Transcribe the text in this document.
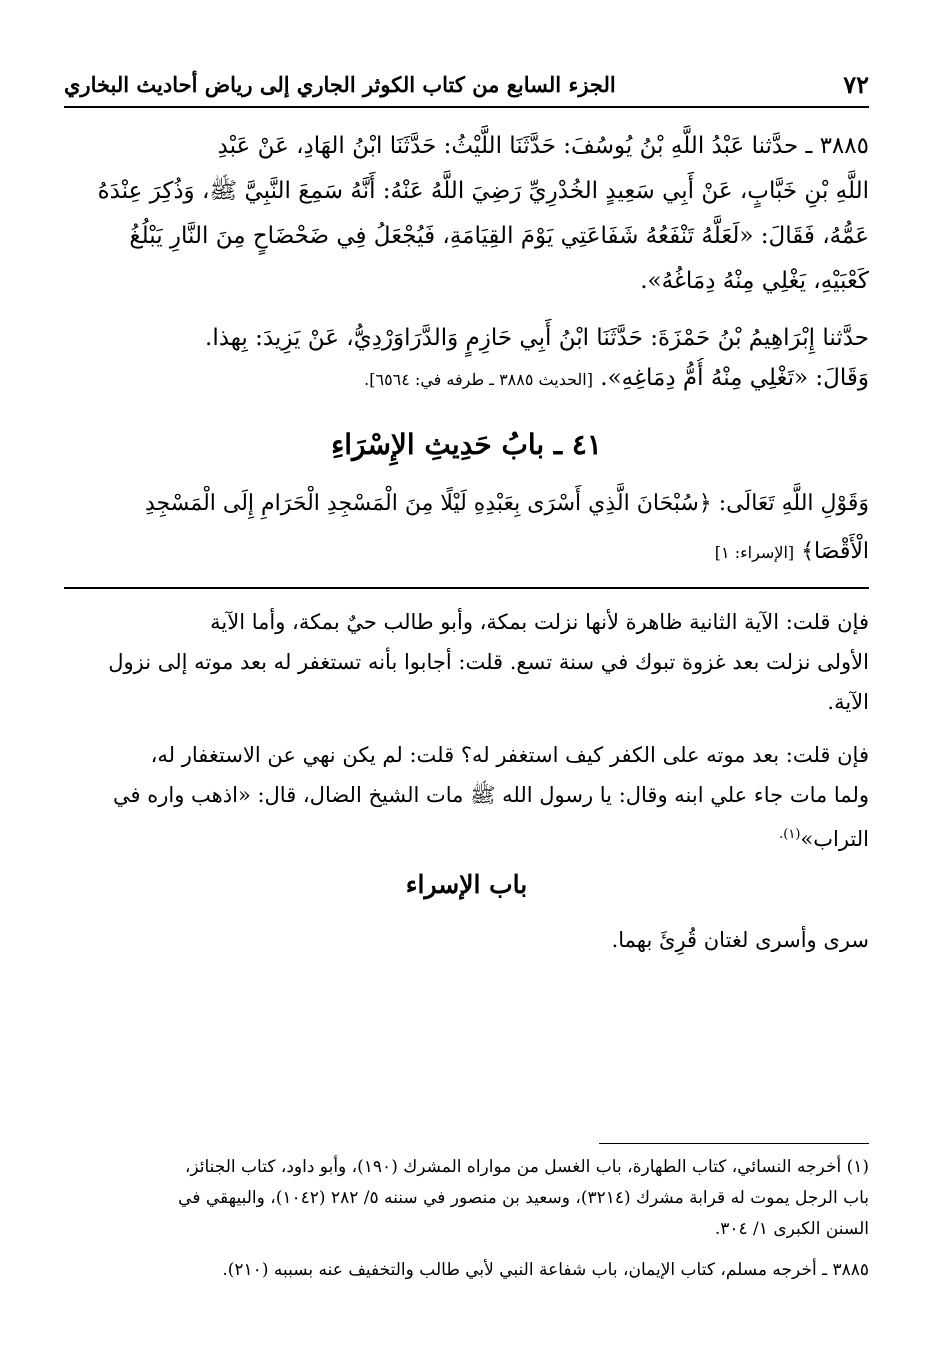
٧٢
الجزء السابع من كتاب الكوثر الجاري إلى رياض أحاديث البخاري
٣٨٨٥ ـ حدَّثنا عَبْدُ اللَّهِ بْنُ يُوسُفَ: حَدَّثَنَا اللَّيْثُ: حَدَّثَنَا ابْنُ الهَادِ، عَنْ عَبْدِ
اللَّهِ بْنِ خَبَّابٍ، عَنْ أَبِي سَعِيدٍ الخُدْرِيِّ رَضِيَ اللَّهُ عَنْهُ: أَنَّهُ سَمِعَ النَّبِيَّ ﷺ، وَذُكِرَ عِنْدَهُ
عَمُّهُ، فَقَالَ: «لَعَلَّهُ تَنْفَعُهُ شَفَاعَتِي يَوْمَ القِيَامَةِ، فَيُجْعَلُ فِي ضَحْضَاحٍ مِنَ النَّارِ يَبْلُغُ
كَعْبَيْهِ، يَغْلِي مِنْهُ دِمَاغُهُ».
حدَّثنا إِبْرَاهِيمُ بْنُ حَمْزَةَ: حَدَّثَنَا ابْنُ أَبِي حَازِمٍ وَالدَّرَاوَرْدِيُّ، عَنْ يَزِيدَ: بِهذا.
وَقَالَ: «تَغْلِي مِنْهُ أُمُّ دِمَاغِهِ». [الحديث ٣٨٨٥ ـ طرفه في: ٦٥٦٤].
٤١ ـ بابُ حَدِيثِ الإِسْرَاءِ
وَقَوْلِ اللَّهِ تَعَالَى: ﴿سُبْحَانَ الَّذِي أَسْرَى بِعَبْدِهِ لَيْلًا مِنَ الْمَسْجِدِ الْحَرَامِ إِلَى الْمَسْجِدِ
الْأَقْصَا﴾ [الإسراء: ١]
فإن قلت: الآية الثانية ظاهرة لأنها نزلت بمكة، وأبو طالب حيٌ بمكة، وأما الآية
الأولى نزلت بعد غزوة تبوك في سنة تسع. قلت: أجابوا بأنه تستغفر له بعد موته إلى نزول
الآية.
فإن قلت: بعد موته على الكفر كيف استغفر له؟ قلت: لم يكن نهي عن الاستغفار له،
ولما مات جاء علي ابنه وقال: يا رسول الله ﷺ مات الشيخ الضال، قال: «اذهب واره في
التراب»$^{(١).}$
باب الإسراء
سرى وأسرى لغتان قُرِئَ بهما.
(١) أخرجه النسائي، كتاب الطهارة، باب الغسل من مواراه المشرك (١٩٠)، وأبو داود، كتاب الجنائز،
باب الرجل يموت له قرابة مشرك (٣٢١٤)، وسعيد بن منصور في سننه ٥/ ٢٨٢ (١٠٤٢)، والبيهقي في
السنن الكبرى ١/ ٣٠٤.
٣٨٨٥ ـ أخرجه مسلم، كتاب الإيمان، باب شفاعة النبي لأبي طالب والتخفيف عنه بسببه (٢١٠).
